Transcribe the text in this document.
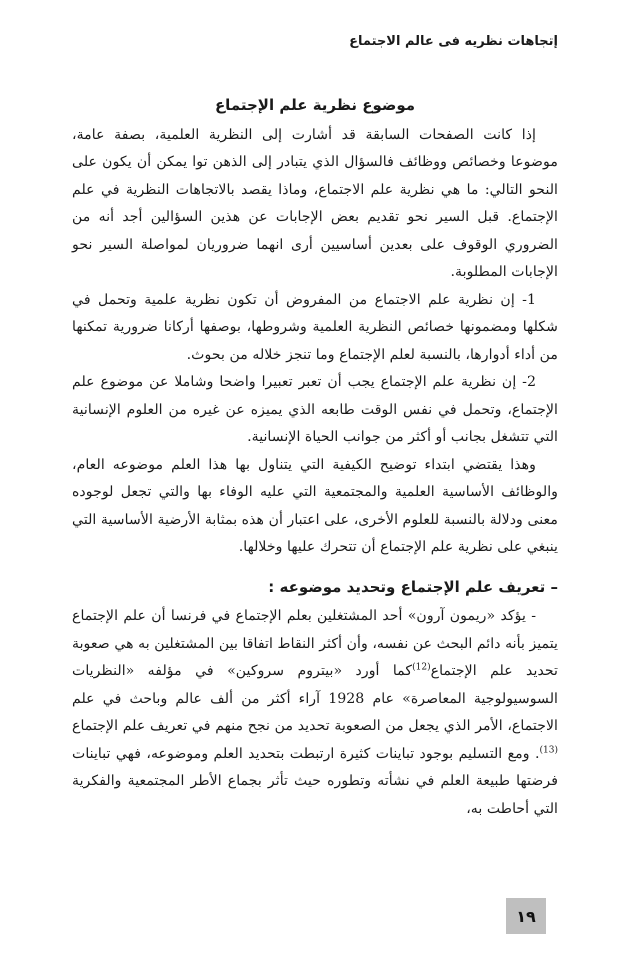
إتجاهات نظريه فى عالم الاجتماع
موضوع نظرية علم الإجتماع

إذا كانت الصفحات السابقة قد أشارت إلى النظرية العلمية، بصفة عامة، موضوعا وخصائص ووظائف فالسؤال الذي يتبادر إلى الذهن توا يمكن أن يكون على النحو التالي: ما هي نظرية علم الاجتماع، وماذا يقصد بالاتجاهات النظرية في علم الإجتماع. قبل السير نحو تقديم بعض الإجابات عن هذين السؤالين أجد أنه من الضروري الوقوف على بعدين أساسيين أرى انهما ضروريان لمواصلة السير نحو الإجابات المطلوبة.

1- إن نظرية علم الاجتماع من المفروض أن تكون نظرية علمية وتحمل في شكلها ومضمونها خصائص النظرية العلمية وشروطها، بوصفها أركانا ضرورية تمكنها من أداء أدوارها، بالنسبة لعلم الإجتماع وما تنجز خلاله من بحوث.

2- إن نظرية علم الإجتماع يجب أن تعبر تعبيرا واضحا وشاملا عن موضوع علم الإجتماع، وتحمل في نفس الوقت طابعه الذي يميزه عن غيره من العلوم الإنسانية التي تتشغل بجانب أو أكثر من جوانب الحياة الإنسانية.

وهذا يقتضي ابتداء توضيح الكيفية التي يتناول بها هذا العلم موضوعه العام، والوظائف الأساسية العلمية والمجتمعية التي عليه الوفاء بها والتي تجعل لوجوده معنى ودلالة بالنسبة للعلوم الأخرى، على اعتبار أن هذه بمثابة الأرضية الأساسية التي ينبغي على نظرية علم الإجتماع أن تتحرك عليها وخلالها.

– تعريف علم الإجتماع وتحديد موضوعه :

- يؤكد «ريمون آرون» أحد المشتغلين بعلم الإجتماع في فرنسا أن علم الإجتماع يتميز بأنه دائم البحث عن نفسه، وأن أكثر النقاط اتفاقا بين المشتغلين به هي صعوبة تحديد علم الإجتماع$^{(12)}$كما أورد «بيتروم سروكين» في مؤلفه «النظريات السوسيولوجية المعاصرة» عام 1928 آراء أكثر من ألف عالم وباحث في علم الاجتماع، الأمر الذي يجعل من الصعوبة تحديد من نجح منهم في تعريف علم الإجتماع $^{(13)}$. ومع التسليم بوجود تباينات كثيرة ارتبطت بتحديد العلم وموضوعه، فهي تباينات فرضتها طبيعة العلم في نشأته وتطوره حيث تأثر بجماع الأطر المجتمعية والفكرية التي أحاطت به،

١٩
